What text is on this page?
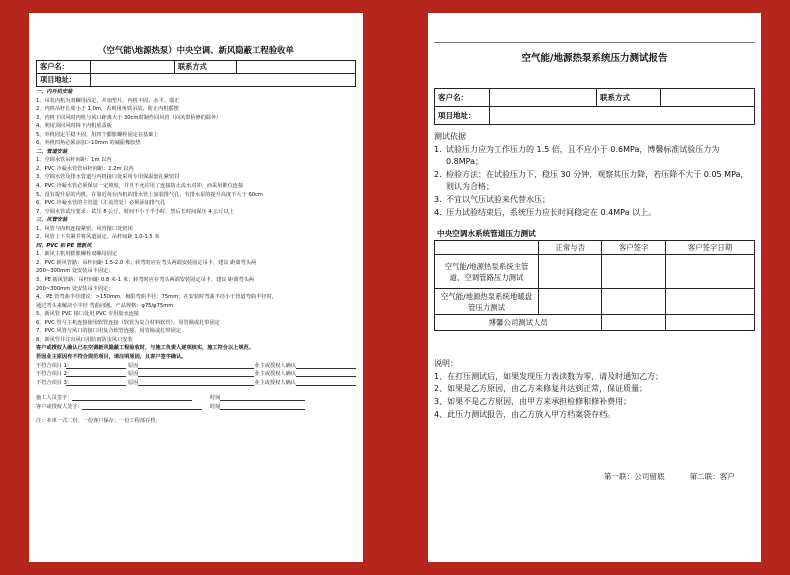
（空气能\地源热泵）中央空调、新风隐蔽工程验收单
客户名：		联系方式	
项目地址：			
一、内外机安装
1、吊装内机为双螺母固定，并加垫片，内机丰固、水平、端正
2、内机吊杆长度小于 1.0m，否则用角铁吊装，防止内机摇摆
3、内机下回风时内机与风口距离大于 30cm时制作回风管（回风带检修的除外）
4、利用顶回风时拆下内机底盖板
5、外机固定平稳丰固，用四个膨胀螺栓固定在基础上
6、外机四角必须添加＞10mm 的减振橡胶垫
二、管道安装
1、空调水管吊杆间距：1m 以内
2、PVC 冷凝水管管吊杆间距：1.2m 以内
3、空调水管及排水管道与内机接口处采用专用保温套扎紧密封
4、PVC 冷凝水管必须保证一定坡度，并且不允许用了连接防止流水对冲，而采用锥位连接
5、没有提升泵的内机，在靠近每台内机的排水管上加装排气孔，有排水泵的提升高度不大于 60cm
6、PVC 冷凝水管的主管道（汇流管处）必须添加排气孔
7、空调水管试压要求：试压 8 公斤，时间不小于半小时，然后长时间保压 4 公斤以上
三、风管安装
1、风管与内机连接紧密，风管接口处密闭
2、风管上下夹紧并将风道固定，吊杆间距 1.0-1.5 米
四、PVC 和 PE 管新风
1、新风主机用膨胀螺栓双螺母固定
2、PVC 新风管路：吊杆间距 1.5-2.0 米；转弯时应在弯头两端安装固定吊卡，建议 距离弯头两
200~300mm 处安装吊卡固定；
3、PE 新风管路：吊杆间距 0.8 米-1 米；转弯时应在弯头两端安装固定吊卡，建议 距离弯头两
200~300mm 处安装吊卡固定；
4、 PE 管弯曲半径建议：>150mm，极限弯曲半径：75mm；在安装时弯曲半径小于管道弯曲半径时，
通过弯头来解决小半径 弯曲问题。产品规格：φ75/φ75mm
5、新风管 PVC 接口处用 PVC 专用胶水连接
6、PVC 管与主机连接使用软管连接（软管为复合材料软管）、用管箍或扎带固定
7、PVC 风管与风口的接口用复合软管连接、用管箍或扎带固定
8、新风竖井注出风口用防雨防虫风口安装
客户或授权人确认已在空调新风隐蔽工程验收时，与施工负责人逐项核实，施工符合以上规范。
若因业主原因有不符合规范项目，请注明原因，且客户签字确认。
不符合项目 1：	原因	业主或授权人确认
不符合项目 2：	原因	业主或授权人确认
不符合项目 3：	原因	业主或授权人确认
施工人员签字：	时间
客户或授权人签字：	时间
注：本单一式二份，一份客户保存；一份工程部存档。
空气能/地源热泵系统压力测试报告
客户名：		联系方式	
项目地址：			
测试依据
1. 试验压力应为工作压力的 1.5 倍，且不应小于 0.6MPa，博馨标准试验压力为 0.8MPa；
2. 检验方法：在试验压力下，稳压 30 分钟，观察其压力降，若压降不大于 0.05 MPa，则认为合格；
3. 不宜以气压试验来代替水压；
4. 压力试验结束后，系统压力应长时间稳定在 0.4MPa 以上。
中央空调水系统管道压力测试
	正常与否	客户签字	客户签字日期
空气能/地源热泵系统主管道、空调管路压力测试			
空气能/地源热泵系统地暖盘管压力测试			
博馨公司测试人员			
说明：
1、在打压测试后，如果发现压力表读数为零，请及时通知乙方；
2、如果是乙方原因，由乙方来修复并达到正常，保证质量；
3、如果不是乙方原因，由甲方来承担检修和修补费用；
4、此压力测试报告，由乙方放入甲方档案袋存档。
第一联：公司留底	第二联：客户
